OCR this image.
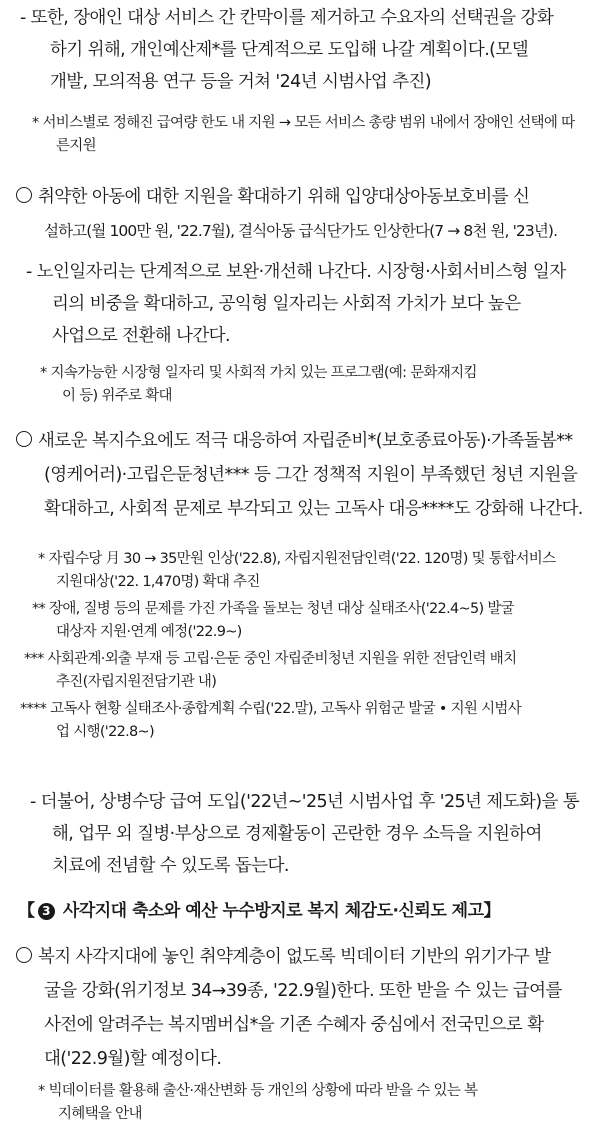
- 또한, 장애인 대상 서비스 간 칸막이를 제거하고 수요자의 선택권을 강화
하기 위해, 개인예산제*를 단계적으로 도입해 나갈 계획이다.(모델
개발, 모의적용 연구 등을 거쳐 '24년 시범사업 추진)
* 서비스별로 정해진 급여량 한도 내 지원 → 모든 서비스 총량 범위 내에서 장애인 선택에 따
른지원
취약한 아동에 대한 지원을 확대하기 위해 입양대상아동보호비를 신
설하고(월 100만 원, '22.7월), 결식아동 급식단가도 인상한다(7 → 8천 원, '23년).
- 노인일자리는 단계적으로 보완·개선해 나간다. 시장형·사회서비스형 일자
리의 비중을 확대하고, 공익형 일자리는 사회적 가치가 보다 높은
사업으로 전환해 나간다.
* 지속가능한 시장형 일자리 및 사회적 가치 있는 프로그램(예: 문화재지킴
이 등) 위주로 확대
새로운 복지수요에도 적극 대응하여 자립준비*(보호종료아동)·가족돌봄**
(영케어러)·고립은둔청년*** 등 그간 정책적 지원이 부족했던 청년 지원을
확대하고, 사회적 문제로 부각되고 있는 고독사 대응****도 강화해 나간다.
* 자립수당 月 30 → 35만원 인상('22.8), 자립지원전담인력('22. 120명) 및 통합서비스
지원대상('22. 1,470명) 확대 추진
** 장애, 질병 등의 문제를 가진 가족을 돌보는 청년 대상 실태조사('22.4~5) 발굴
대상자 지원·연계 예정('22.9~)
*** 사회관계·외출 부재 등 고립·은둔 중인 자립준비청년 지원을 위한 전담인력 배치
추진(자립지원전담기관 내)
**** 고독사 현황 실태조사·종합계획 수립('22.말), 고독사 위험군 발굴 • 지원 시범사
업 시행('22.8~)
- 더불어, 상병수당 급여 도입('22년~'25년 시범사업 후 '25년 제도화)을 통
해, 업무 외 질병·부상으로 경제활동이 곤란한 경우 소득을 지원하여
치료에 전념할 수 있도록 돕는다.
【 3 사각지대 축소와 예산 누수방지로 복지 체감도·신뢰도 제고】
복지 사각지대에 놓인 취약계층이 없도록 빅데이터 기반의 위기가구 발
굴을 강화(위기정보 34→39종, '22.9월)한다. 또한 받을 수 있는 급여를
사전에 알려주는 복지멤버십*을 기존 수혜자 중심에서 전국민으로 확
대('22.9월)할 예정이다.
* 빅데이터를 활용해 출산·재산변화 등 개인의 상황에 따라 받을 수 있는 복
지혜택을 안내
